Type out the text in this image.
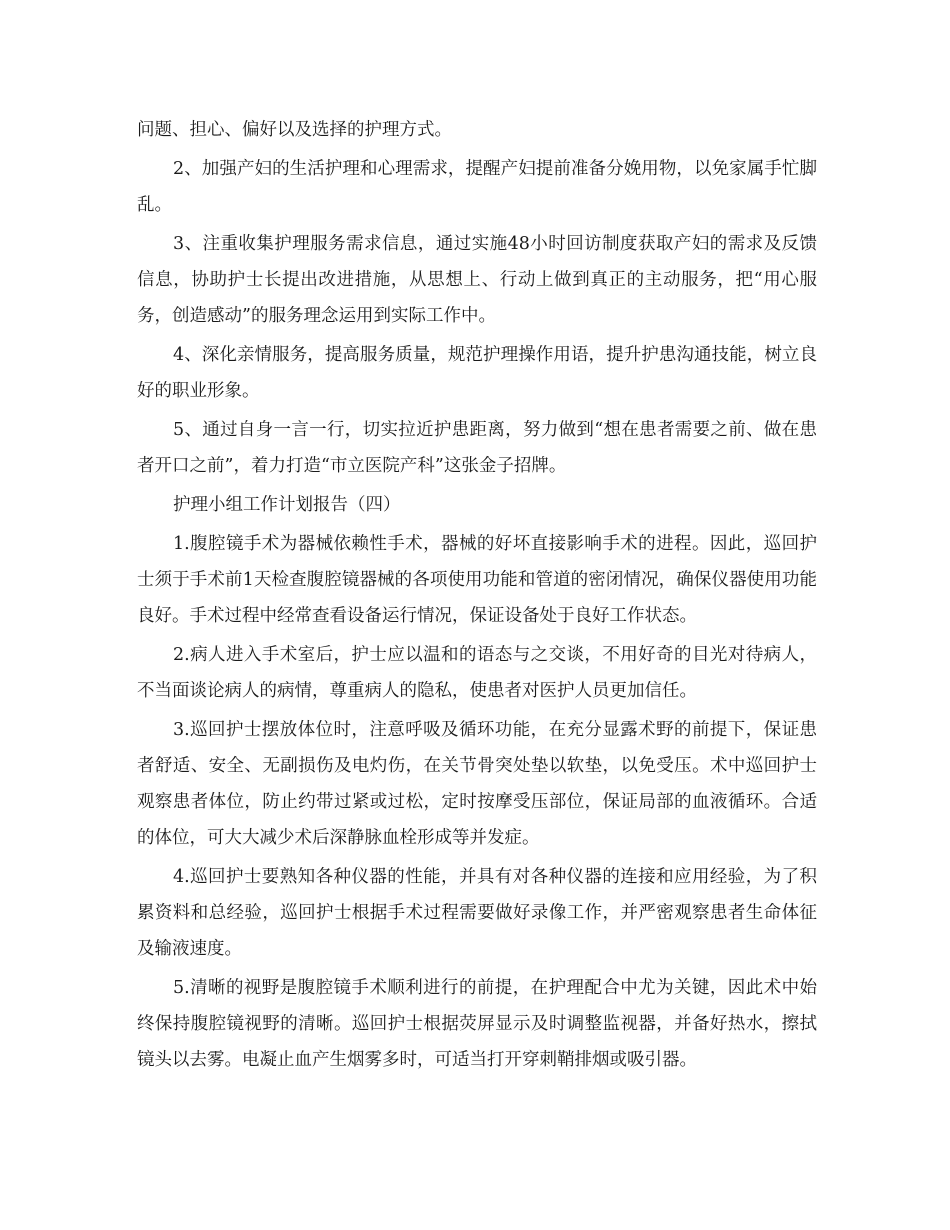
问题、担心、偏好以及选择的护理方式。

2、加强产妇的生活护理和心理需求，提醒产妇提前准备分娩用物，以免家属手忙脚乱。

3、注重收集护理服务需求信息，通过实施48小时回访制度获取产妇的需求及反馈信息，协助护士长提出改进措施，从思想上、行动上做到真正的主动服务，把“用心服务，创造感动”的服务理念运用到实际工作中。

4、深化亲情服务，提高服务质量，规范护理操作用语，提升护患沟通技能，树立良好的职业形象。

5、通过自身一言一行，切实拉近护患距离，努力做到“想在患者需要之前、做在患者开口之前”，着力打造“市立医院产科”这张金子招牌。

护理小组工作计划报告（四）

1.腹腔镜手术为器械依赖性手术，器械的好坏直接影响手术的进程。因此，巡回护士须于手术前1天检查腹腔镜器械的各项使用功能和管道的密闭情况，确保仪器使用功能良好。手术过程中经常查看设备运行情况，保证设备处于良好工作状态。

2.病人进入手术室后，护士应以温和的语态与之交谈，不用好奇的目光对待病人，不当面谈论病人的病情，尊重病人的隐私，使患者对医护人员更加信任。

3.巡回护士摆放体位时，注意呼吸及循环功能，在充分显露术野的前提下，保证患者舒适、安全、无副损伤及电灼伤，在关节骨突处垫以软垫，以免受压。术中巡回护士观察患者体位，防止约带过紧或过松，定时按摩受压部位，保证局部的血液循环。合适的体位，可大大减少术后深静脉血栓形成等并发症。

4.巡回护士要熟知各种仪器的性能，并具有对各种仪器的连接和应用经验，为了积累资料和总经验，巡回护士根据手术过程需要做好录像工作，并严密观察患者生命体征及输液速度。

5.清晰的视野是腹腔镜手术顺利进行的前提，在护理配合中尤为关键，因此术中始终保持腹腔镜视野的清晰。巡回护士根据荧屏显示及时调整监视器，并备好热水，擦拭镜头以去雾。电凝止血产生烟雾多时，可适当打开穿刺鞘排烟或吸引器。
